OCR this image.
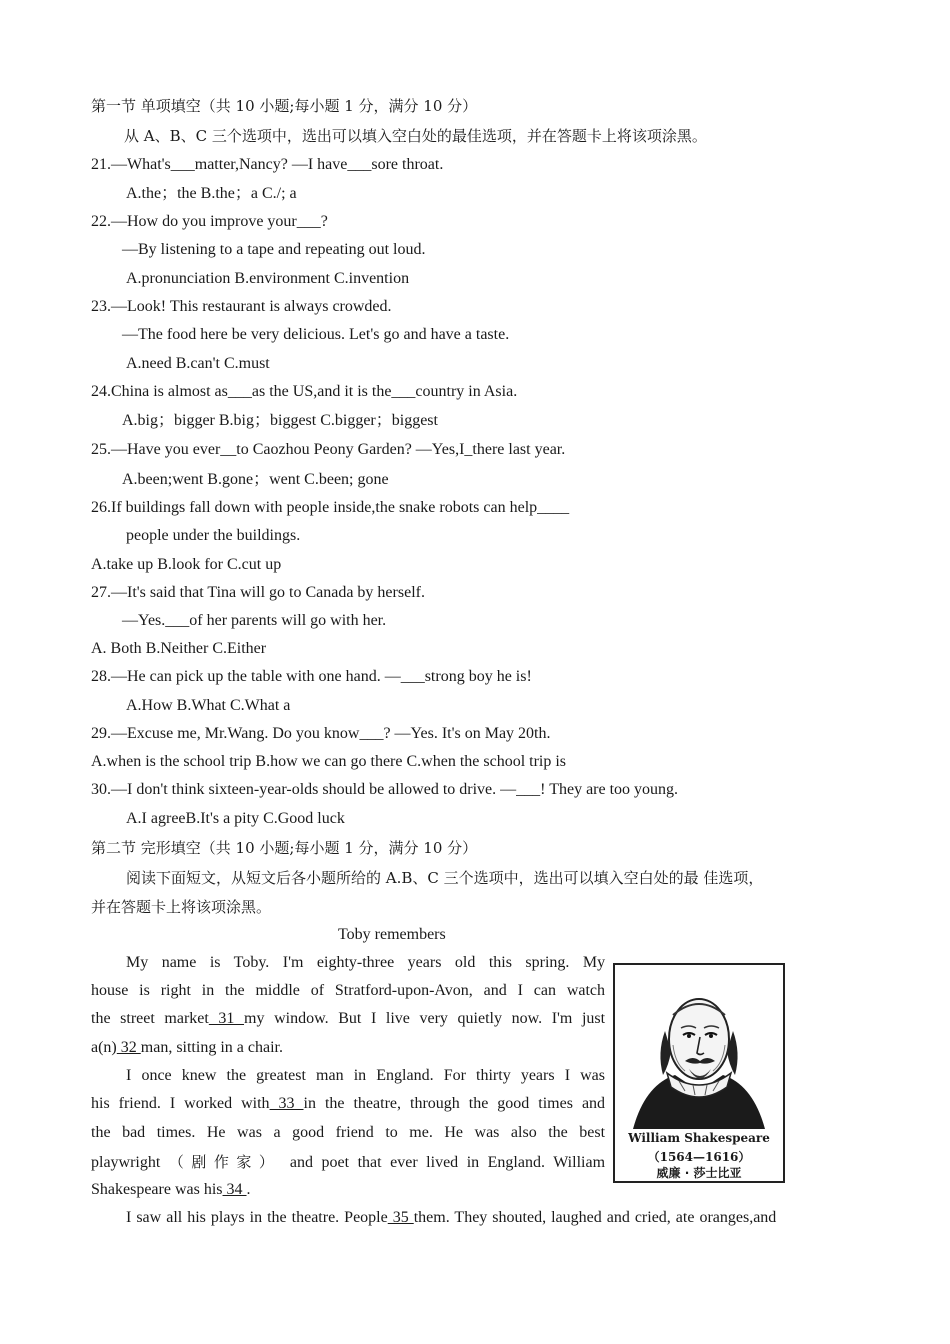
第一节 单项填空（共 10 小题;每小题 1 分，满分 10 分）
从 A、B、C 三个选项中，选出可以填入空白处的最佳选项，并在答题卡上将该项涂黑。
21.—What's___matter,Nancy? —I have___sore throat.
A.the；the B.the；a C./; a
22.—How do you improve your___?
—By listening to a tape and repeating out loud.
A.pronunciation B.environment C.invention
23.—Look! This restaurant is always crowded.
—The food here be very delicious. Let's go and have a taste.
A.need B.can't C.must
24.China is almost as___as the US,and it is the___country in Asia.
A.big；bigger B.big；biggest C.bigger；biggest
25.—Have you ever__to Caozhou Peony Garden? —Yes,I_there last year.
A.been;went B.gone；went C.been; gone
26.If buildings fall down with people inside,the snake robots can help____
people under the buildings.
A.take up B.look for C.cut up
27.—It's said that Tina will go to Canada by herself.
—Yes.___of her parents will go with her.
A. Both B.Neither C.Either
28.—He can pick up the table with one hand. —___strong boy he is!
A.How B.What C.What a
29.—Excuse me, Mr.Wang. Do you know___? —Yes. It's on May 20th.
A.when is the school trip B.how we can go there C.when the school trip is
30.—I don't think sixteen-year-olds should be allowed to drive. —___! They are too young.
A.I agreeB.It's a pity C.Good luck
第二节 完形填空（共 10 小题;每小题 1 分，满分 10 分）
阅读下面短文，从短文后各小题所给的 A.B、C 三个选项中，选出可以填入空白处的最 佳选项，
并在答题卡上将该项涂黑。
Toby remembers
My name is Toby. I'm eighty-three years old this spring. My
house is right in the middle of Stratford-upon-Avon, and I can watch
the street market 31 my window. But I live very quietly now. I'm just
a(n) 32 man, sitting in a chair.
I once knew the greatest man in England. For thirty years I was
his friend. I worked with 33 in the theatre, through the good times and
the bad times. He was a good friend to me. He was also the best
playwright （剧作家） and poet that ever lived in England. William
Shakespeare was his 34 .
I saw all his plays in the theatre. People 35 them. They shouted, laughed and cried, ate oranges,and
William Shakespeare
（1564—1616）
威廉 · 莎士比亚
